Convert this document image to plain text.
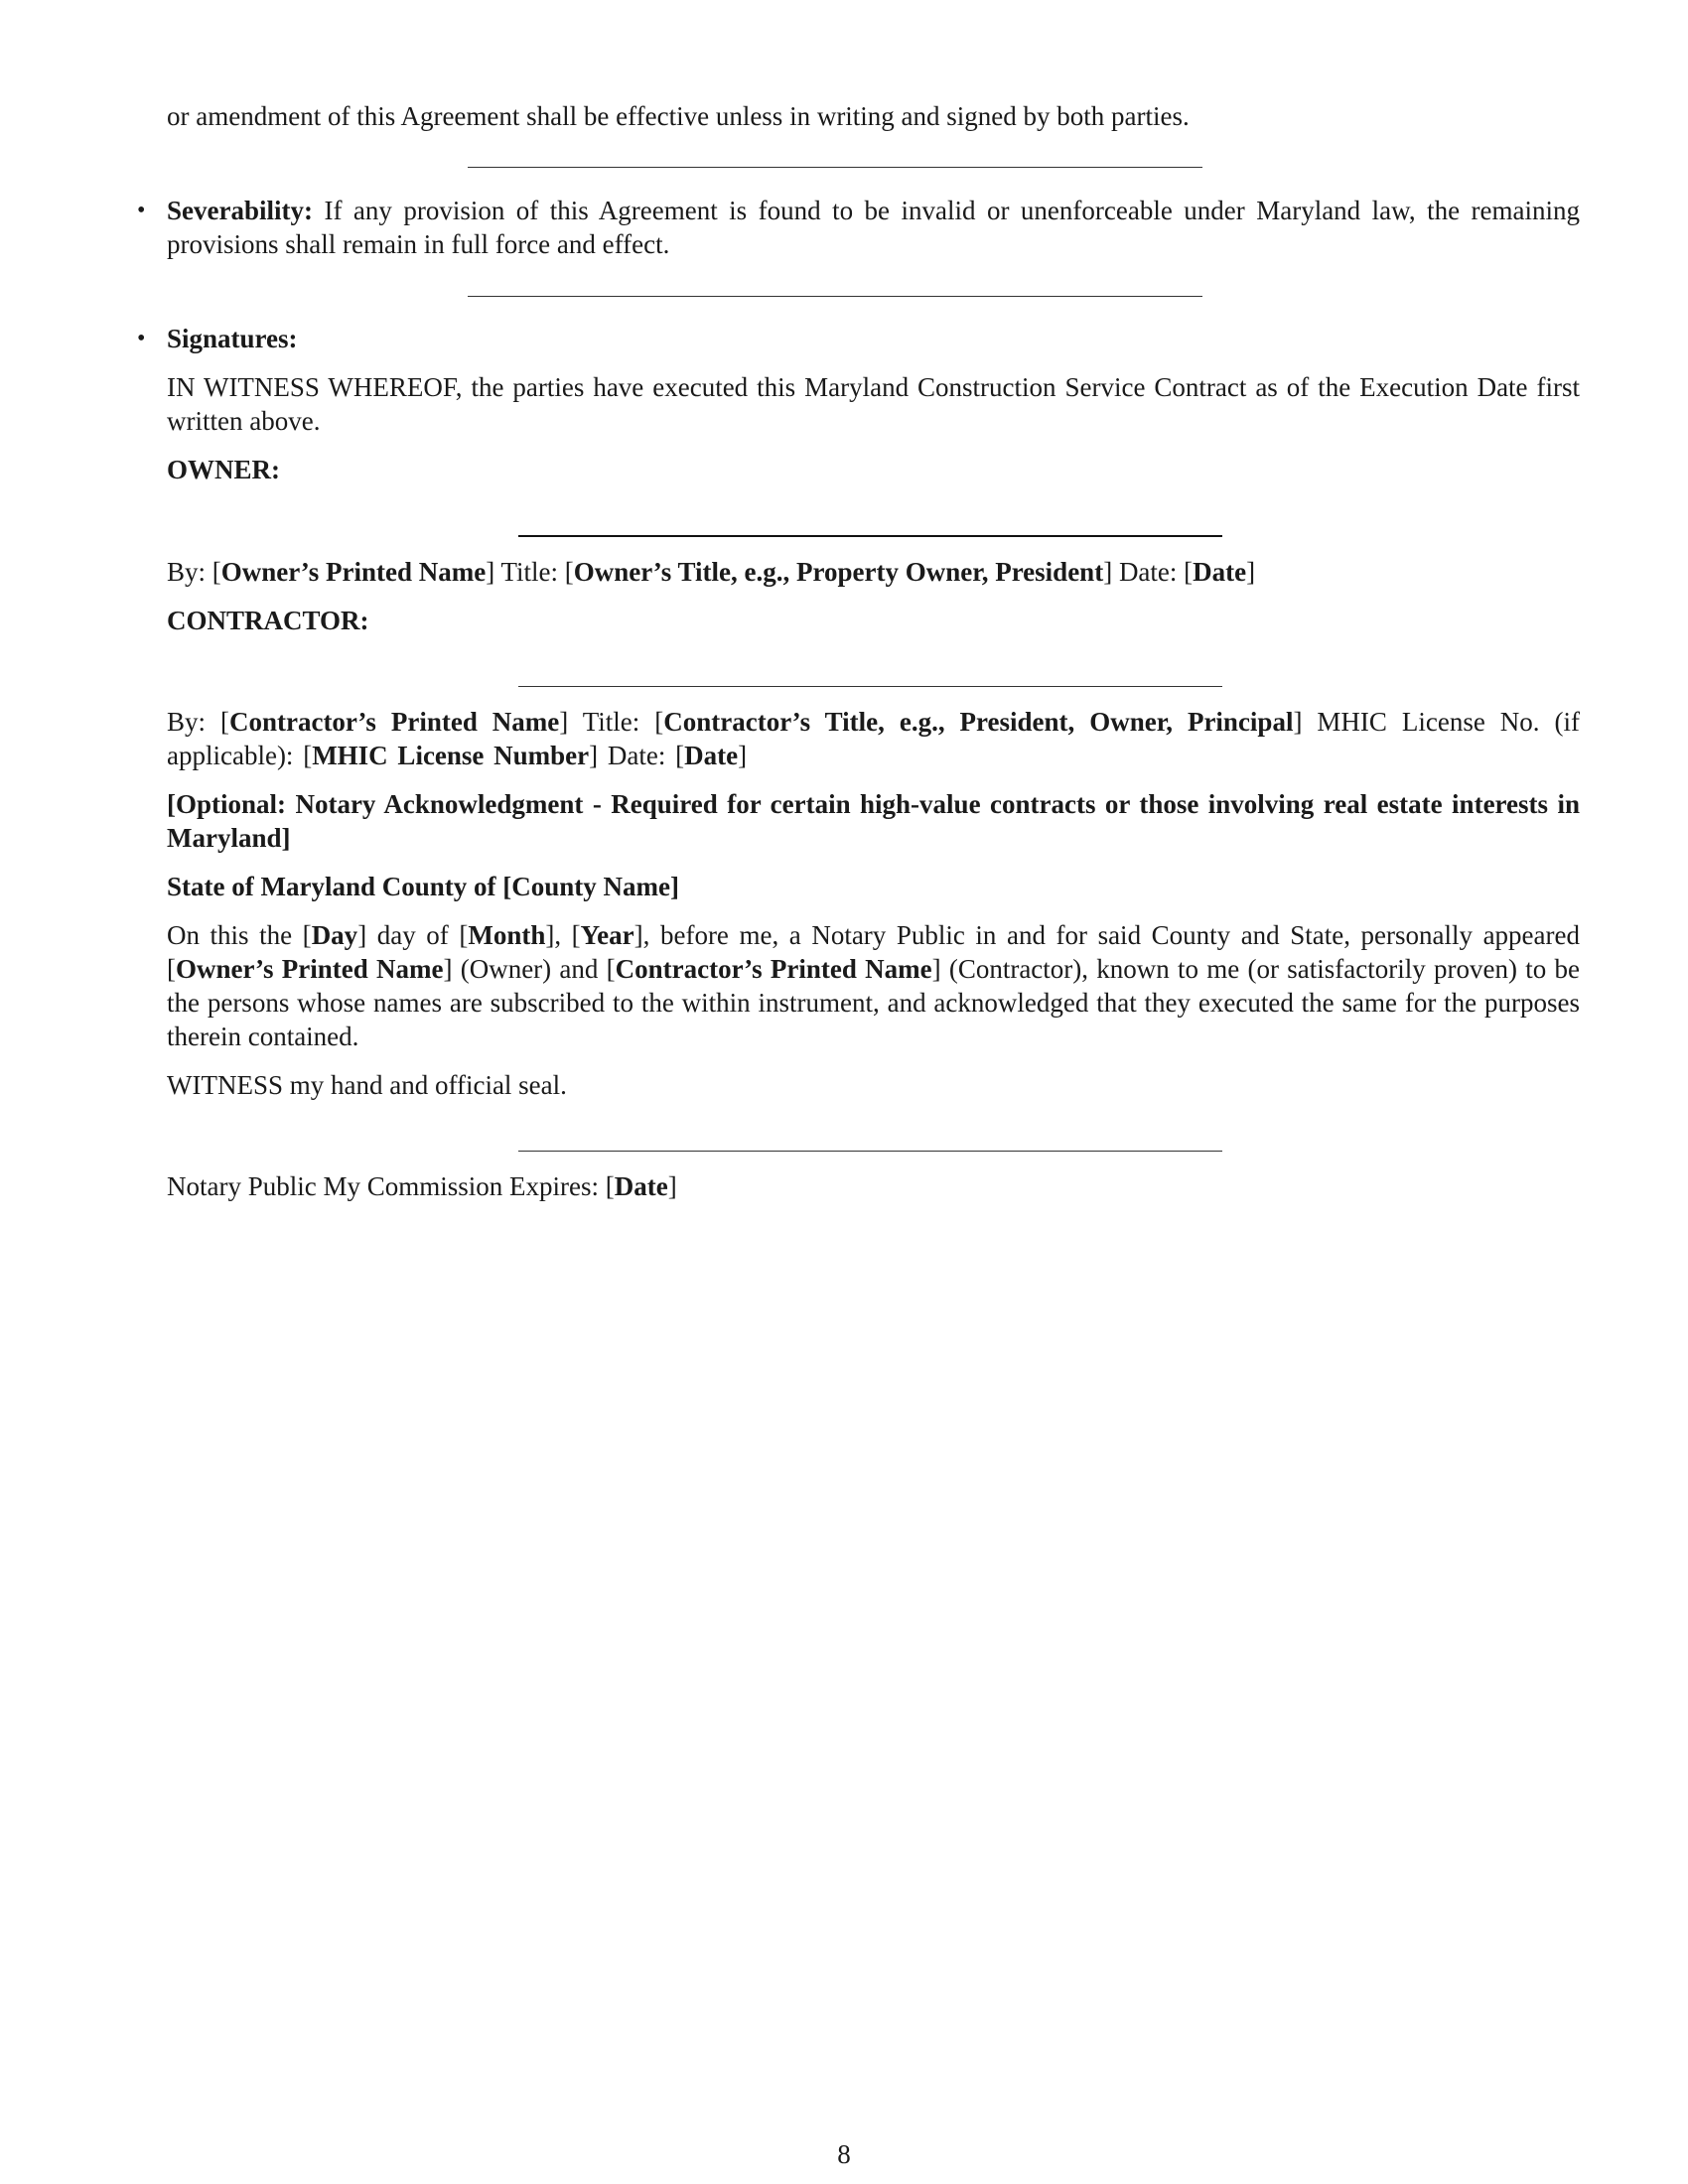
or amendment of this Agreement shall be effective unless in writing and signed by both parties.

• Severability: If any provision of this Agreement is found to be invalid or unenforceable under Maryland law, the remaining provisions shall remain in full force and effect.

• Signatures:

IN WITNESS WHEREOF, the parties have executed this Maryland Construction Service Contract as of the Execution Date first written above.

OWNER:

By: [Owner’s Printed Name] Title: [Owner’s Title, e.g., Property Owner, President] Date: [Date]

CONTRACTOR:

By: [Contractor’s Printed Name] Title: [Contractor’s Title, e.g., President, Owner, Principal] MHIC License No. (if applicable): [MHIC License Number] Date: [Date]

[Optional: Notary Acknowledgment - Required for certain high-value contracts or those involving real estate interests in Maryland]

State of Maryland County of [County Name]

On this the [Day] day of [Month], [Year], before me, a Notary Public in and for said County and State, personally appeared [Owner’s Printed Name] (Owner) and [Contractor’s Printed Name] (Contractor), known to me (or satisfactorily proven) to be the persons whose names are subscribed to the within instrument, and acknowledged that they executed the same for the purposes therein contained.

WITNESS my hand and official seal.

Notary Public My Commission Expires: [Date]

8
